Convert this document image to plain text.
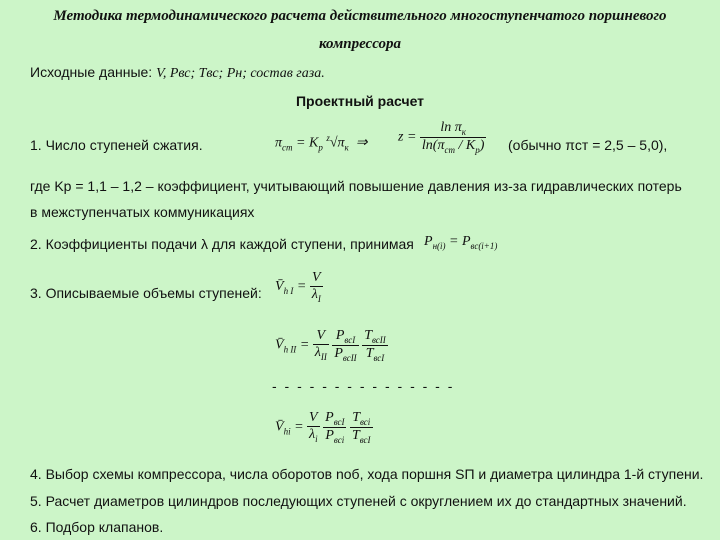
Методика термодинамического расчета действительного многоступенчатого поршневого
компрессора
Исходные данные: V, Pвс; Tвс; Pн; состав газа.
Проектный расчет
1. Число ступеней сжатия.	$\pi_{ст} = K_р$ $^z√\pi_к$  ⇒ $z = \frac{\ln \pi_к}{\ln(\pi_{ст} / K_р)}$ (обычно πст = 2,5 – 5,0),
где Kр = 1,1 – 1,2 – коэффициент, учитывающий повышение давления из-за гидравлических потерь
в межступенчатых коммуникациях
2. Коэффициенты подачи λ для каждой ступени, принимая $P_{н(i)} = P_{вс(i+1)}$
3. Описываемые объемы ступеней: $V̄_{h I} = \frac{V}{\lambda_I}$
$V̄_{h II} = \frac{V}{\lambda_{II}}$
$\frac{P_{всI}}{P_{всII}}$
$\frac{T_{всII}}{T_{всI}}$
- - - - - - - - - - - - - - -
$V̄_{hi} = \frac{V}{\lambda_i}$
$\frac{P_{всI}}{P_{всi}}$
$\frac{T_{всi}}{T_{всI}}$
4. Выбор схемы компрессора, числа оборотов nоб, хода поршня SП и диаметра цилиндра 1-й ступени.
5. Расчет диаметров цилиндров последующих ступеней с округлением их до стандартных значений.
6. Подбор клапанов.
